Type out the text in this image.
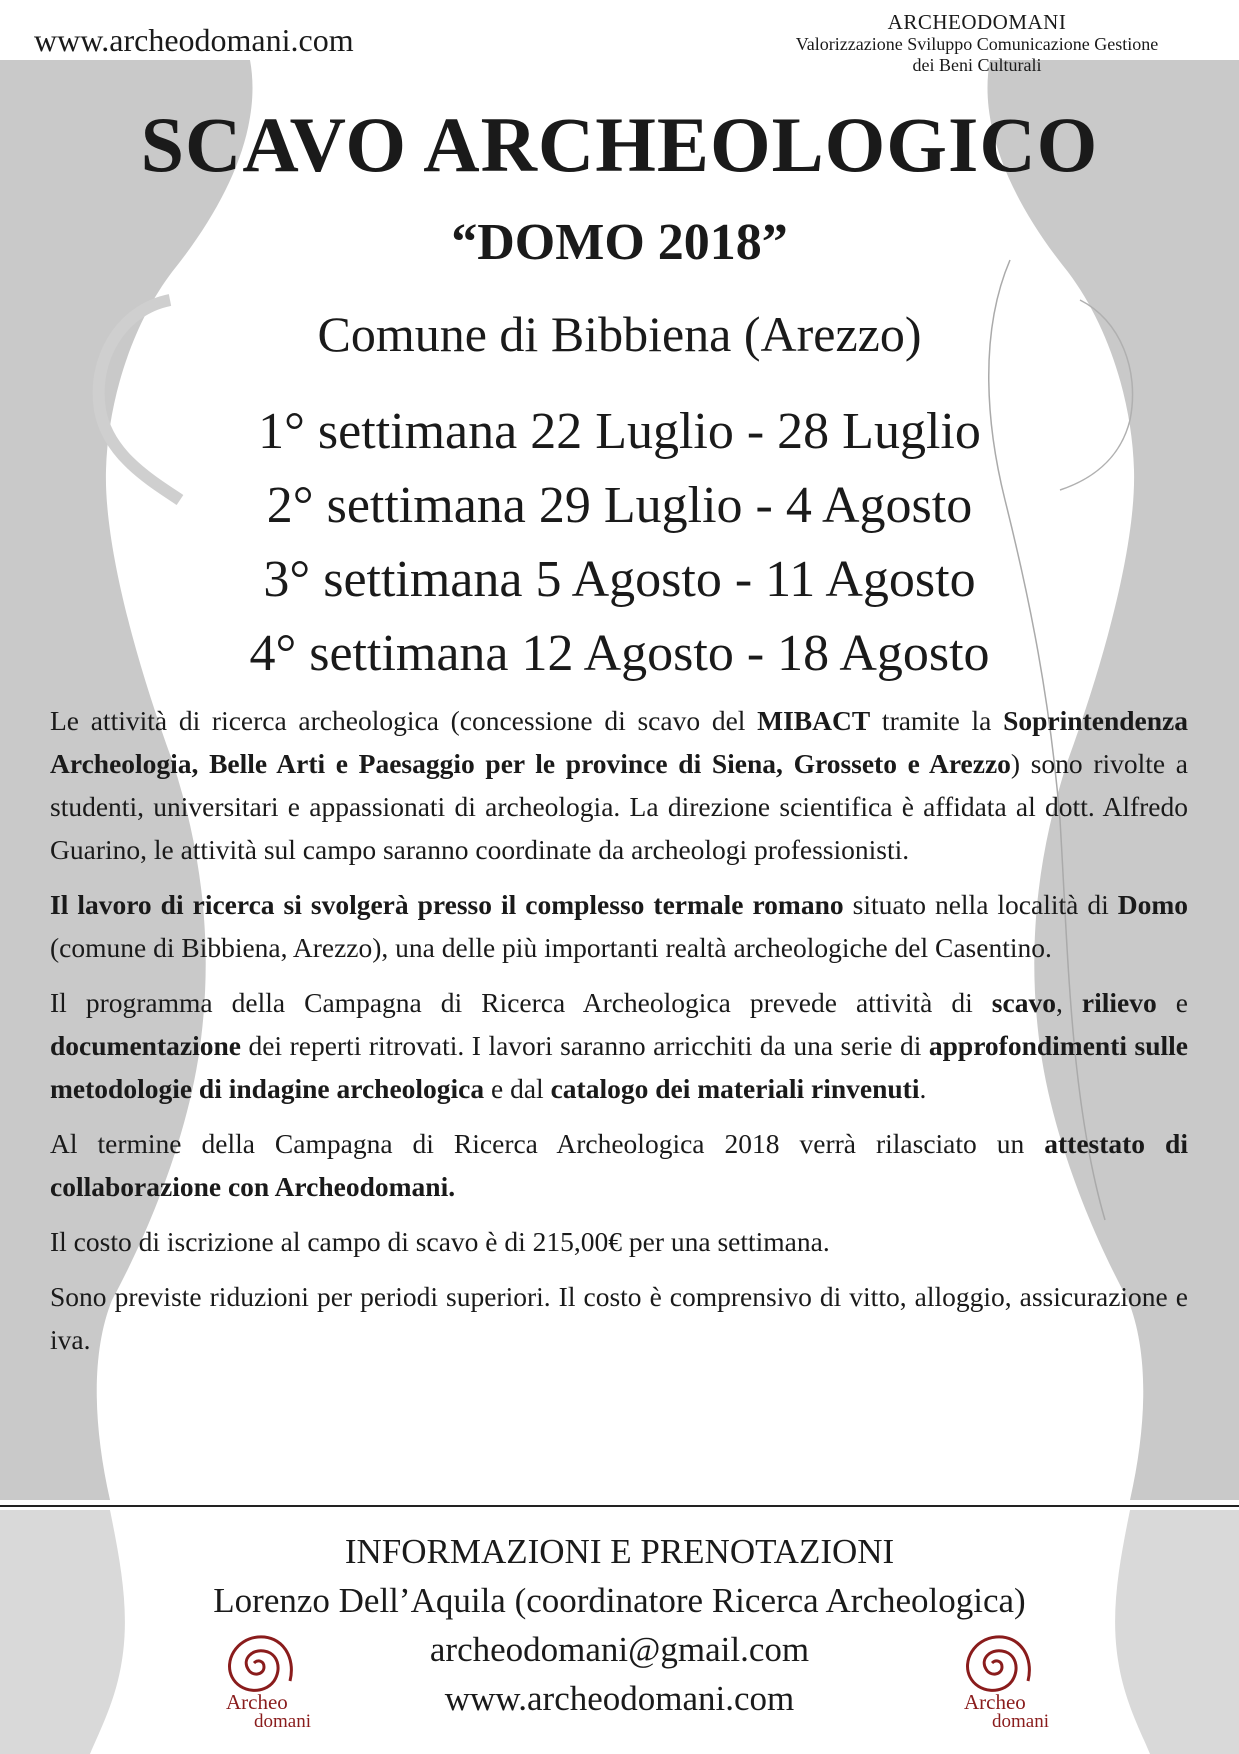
www.archeodomani.com	ARCHEODOMANI
Valorizzazione Sviluppo Comunicazione Gestione
dei Beni Culturali
SCAVO ARCHEOLOGICO
“DOMO 2018”
Comune di Bibbiena (Arezzo)
1° settimana 22 Luglio - 28 Luglio
2° settimana 29 Luglio - 4 Agosto
3° settimana 5 Agosto - 11 Agosto
4° settimana 12 Agosto - 18 Agosto

Le attività di ricerca archeologica (concessione di scavo del MIBACT tramite la Soprintendenza Archeologia, Belle Arti e Paesaggio per le province di Siena, Grosseto e Arezzo) sono rivolte a studenti, universitari e appassionati di archeologia. La direzione scientifica è affidata al dott. Alfredo Guarino, le attività sul campo saranno coordinate da archeologi professionisti.

Il lavoro di ricerca si svolgerà presso il complesso termale romano situato nella località di Domo (comune di Bibbiena, Arezzo), una delle più importanti realtà archeologiche del Casentino.

Il programma della Campagna di Ricerca Archeologica prevede attività di scavo, rilievo e documentazione dei reperti ritrovati. I lavori saranno arricchiti da una serie di approfondimenti sulle metodologie di indagine archeologica e dal catalogo dei materiali rinvenuti.

Al termine della Campagna di Ricerca Archeologica 2018 verrà rilasciato un attestato di collaborazione con Archeodomani.

Il costo di iscrizione al campo di scavo è di 215,00€ per una settimana.

Sono previste riduzioni per periodi superiori. Il costo è comprensivo di vitto, alloggio, assicurazione e iva.

INFORMAZIONI E PRENOTAZIONI
Lorenzo Dell’Aquila (coordinatore Ricerca Archeologica)
archeodomani@gmail.com
www.archeodomani.com
Archeo
domani
Archeo
domani
